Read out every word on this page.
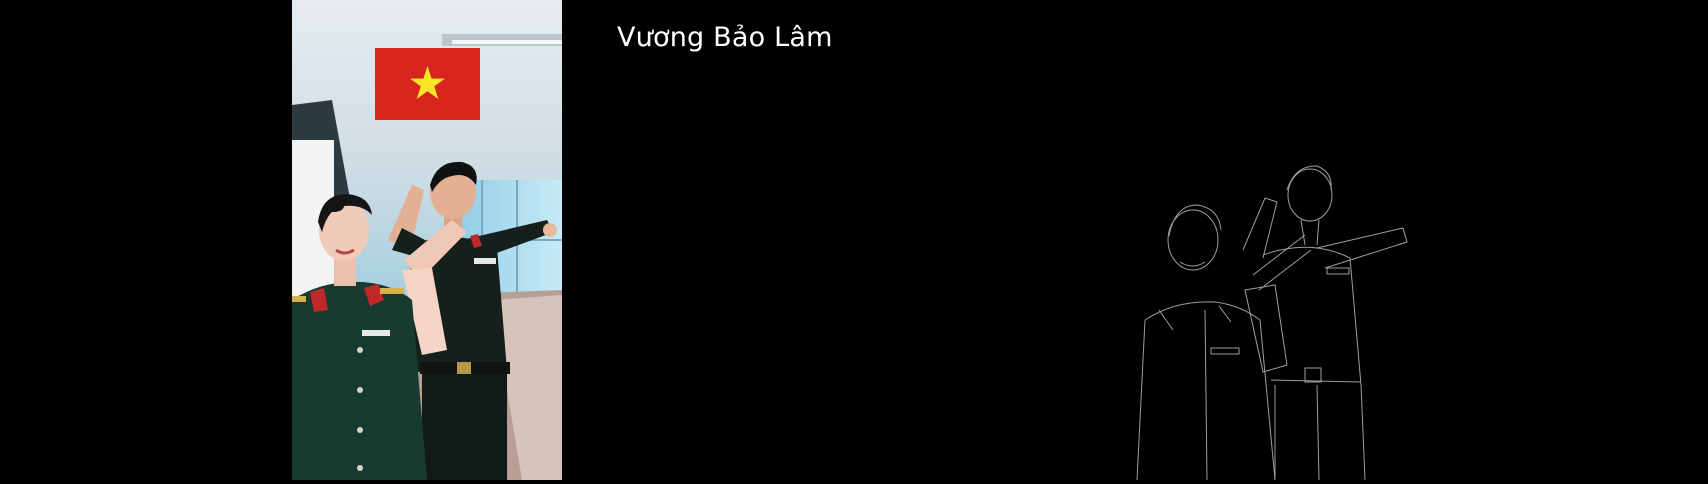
Vương Bảo Lâm
